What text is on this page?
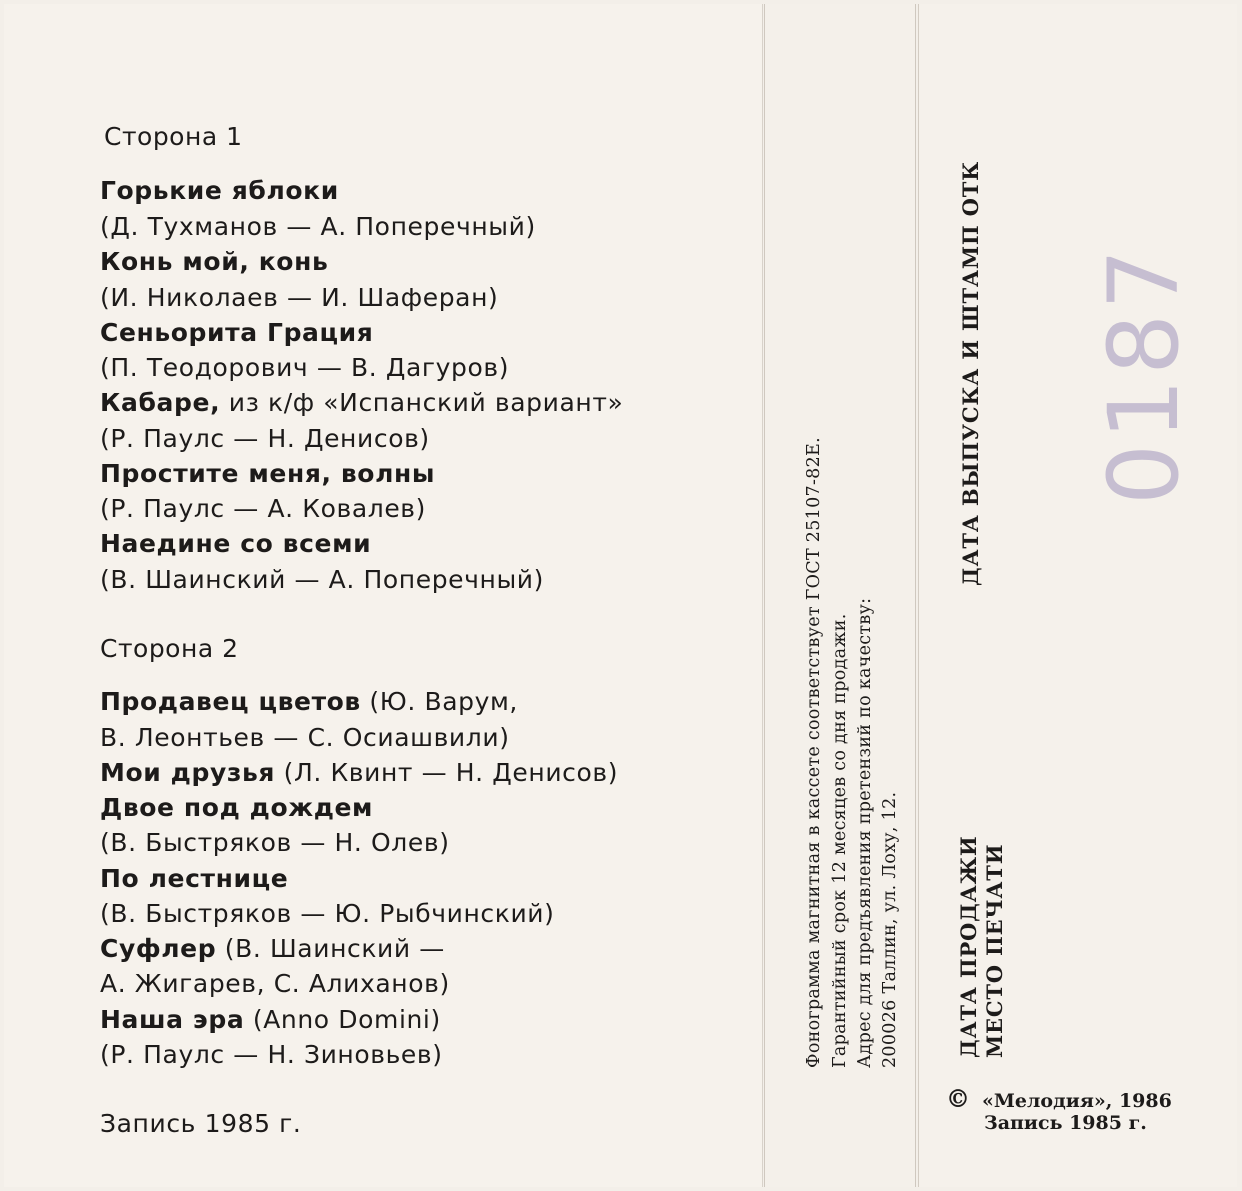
Сторона 1
Горькие яблоки
(Д. Тухманов — А. Поперечный)
Конь мой, конь
(И. Николаев — И. Шаферан)
Сеньорита Грация
(П. Теодорович — В. Дагуров)
Кабаре, из к/ф «Испанский вариант»
(Р. Паулс — Н. Денисов)
Простите меня, волны
(Р. Паулс — А. Ковалев)
Наедине со всеми
(В. Шаинский — А. Поперечный)
Сторона 2
Продавец цветов (Ю. Варум,
В. Леонтьев — С. Осиашвили)
Мои друзья (Л. Квинт — Н. Денисов)
Двое под дождем
(В. Быстряков — Н. Олев)
По лестнице
(В. Быстряков — Ю. Рыбчинский)
Суфлер (В. Шаинский —
А. Жигарев, С. Алиханов)
Наша эра (Anno Domini)
(Р. Паулс — Н. Зиновьев)
Запись 1985 г.
Фонограмма магнитная в кассете соответствует ГОСТ 25107-82Е. Гарантийный срок 12 месяцев со дня продажи. Адрес для предъявления претензий по качеству: 200026 Таллин, ул. Лоху, 12.
ДАТА ВЫПУСКА И ШТАМП ОТК
ДАТА ПРОДАЖИ МЕСТО ПЕЧАТИ
0187
© «Мелодия», 1986
Запись 1985 г.
